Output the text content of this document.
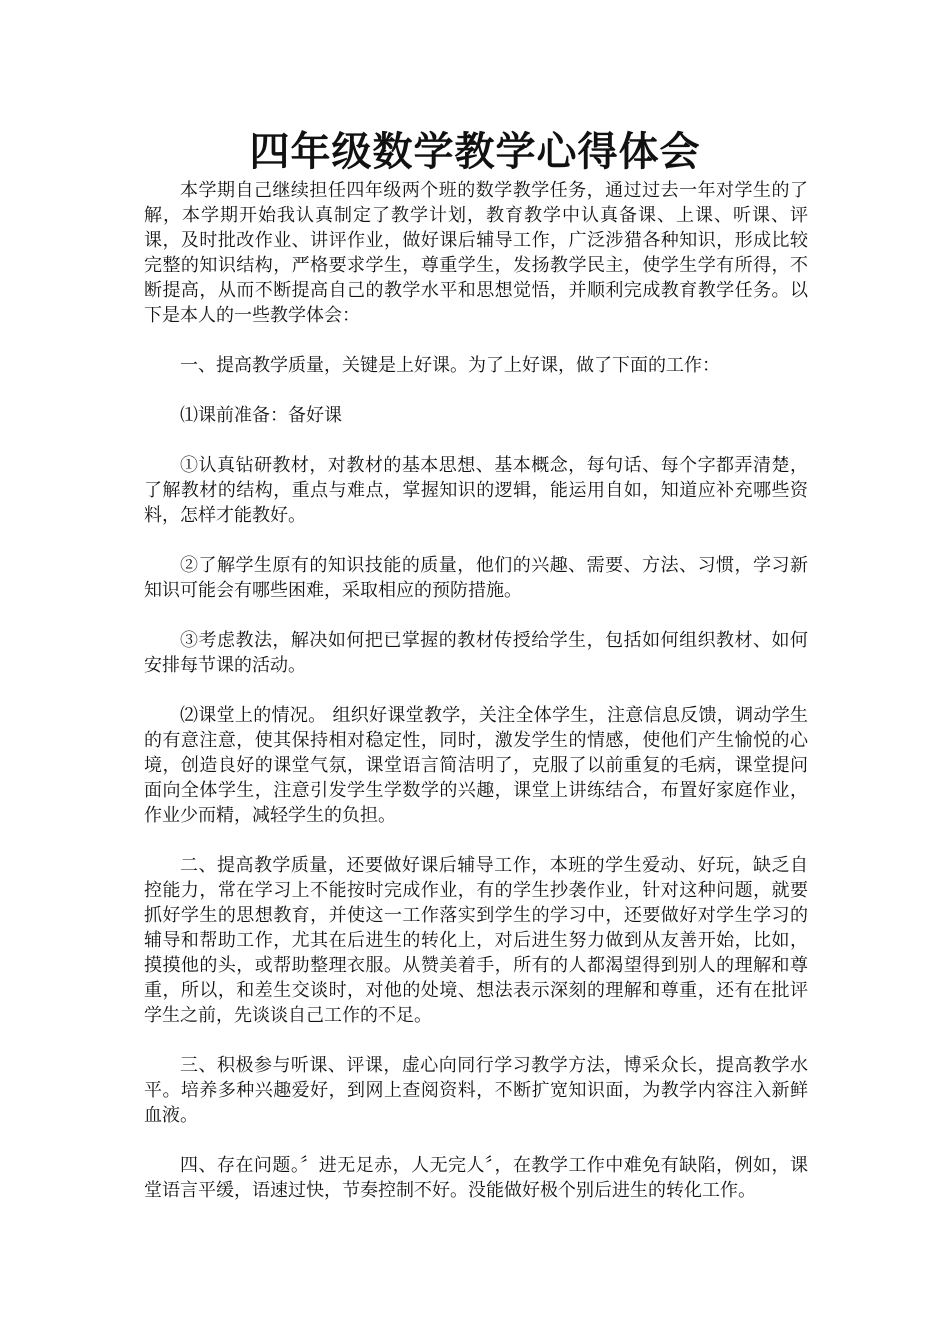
四年级数学教学心得体会

本学期自己继续担任四年级两个班的数学教学任务，通过过去一年对学生的了解，本学期开始我认真制定了教学计划，教育教学中认真备课、上课、听课、评课，及时批改作业、讲评作业，做好课后辅导工作，广泛涉猎各种知识，形成比较完整的知识结构，严格要求学生，尊重学生，发扬教学民主，使学生学有所得，不断提高，从而不断提高自己的教学水平和思想觉悟，并顺利完成教育教学任务。以下是本人的一些教学体会：

一、提高教学质量，关键是上好课。为了上好课，做了下面的工作：

⑴课前准备：备好课

①认真钻研教材，对教材的基本思想、基本概念，每句话、每个字都弄清楚，了解教材的结构，重点与难点，掌握知识的逻辑，能运用自如，知道应补充哪些资料，怎样才能教好。

②了解学生原有的知识技能的质量，他们的兴趣、需要、方法、习惯，学习新知识可能会有哪些困难，采取相应的预防措施。

③考虑教法，解决如何把已掌握的教材传授给学生，包括如何组织教材、如何安排每节课的活动。

⑵课堂上的情况。 组织好课堂教学，关注全体学生，注意信息反馈，调动学生的有意注意，使其保持相对稳定性，同时，激发学生的情感，使他们产生愉悦的心境，创造良好的课堂气氛，课堂语言简洁明了，克服了以前重复的毛病，课堂提问面向全体学生，注意引发学生学数学的兴趣，课堂上讲练结合，布置好家庭作业，作业少而精，减轻学生的负担。

二、提高教学质量，还要做好课后辅导工作，本班的学生爱动、好玩，缺乏自控能力，常在学习上不能按时完成作业，有的学生抄袭作业，针对这种问题，就要抓好学生的思想教育，并使这一工作落实到学生的学习中，还要做好对学生学习的辅导和帮助工作，尤其在后进生的转化上，对后进生努力做到从友善开始，比如，摸摸他的头，或帮助整理衣服。从赞美着手，所有的人都渴望得到别人的理解和尊重，所以，和差生交谈时，对他的处境、想法表示深刻的理解和尊重，还有在批评学生之前，先谈谈自己工作的不足。

三、积极参与听课、评课，虚心向同行学习教学方法，博采众长，提高教学水平。培养多种兴趣爱好，到网上查阅资料，不断扩宽知识面，为教学内容注入新鲜血液。

四、存在问题。〞进无足赤，人无完人〞，在教学工作中难免有缺陷，例如，课堂语言平缓，语速过快，节奏控制不好。没能做好极个别后进生的转化工作。
